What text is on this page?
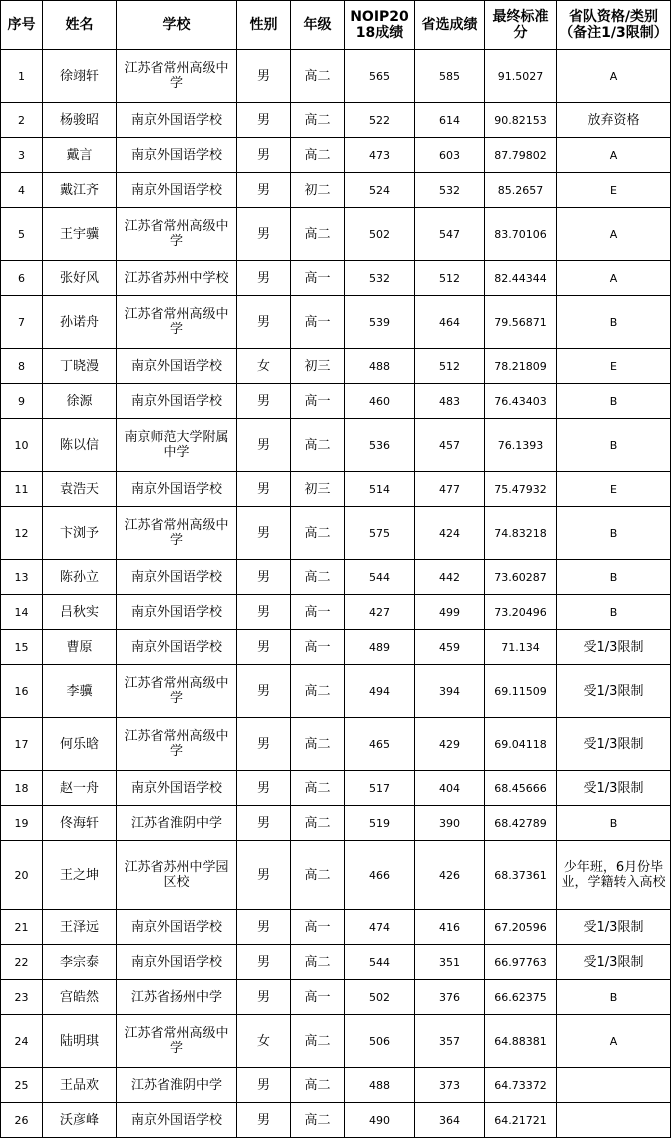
序号	姓名	学校	性别	年级	NOIP2018成绩	省选成绩	最终标准分	省队资格/类别（备注1/3限制）
1	徐翊轩	江苏省常州高级中学	男	高二	565	585	91.5027	A
2	杨骏昭	南京外国语学校	男	高二	522	614	90.82153	放弃资格
3	戴言	南京外国语学校	男	高二	473	603	87.79802	A
4	戴江齐	南京外国语学校	男	初二	524	532	85.2657	E
5	王宇骥	江苏省常州高级中学	男	高二	502	547	83.70106	A
6	张好风	江苏省苏州中学校	男	高一	532	512	82.44344	A
7	孙诺舟	江苏省常州高级中学	男	高一	539	464	79.56871	B
8	丁晓漫	南京外国语学校	女	初三	488	512	78.21809	E
9	徐源	南京外国语学校	男	高一	460	483	76.43403	B
10	陈以信	南京师范大学附属中学	男	高二	536	457	76.1393	B
11	袁浩天	南京外国语学校	男	初三	514	477	75.47932	E
12	卞浏予	江苏省常州高级中学	男	高二	575	424	74.83218	B
13	陈孙立	南京外国语学校	男	高二	544	442	73.60287	B
14	吕秋实	南京外国语学校	男	高一	427	499	73.20496	B
15	曹原	南京外国语学校	男	高一	489	459	71.134	受1/3限制
16	李骥	江苏省常州高级中学	男	高二	494	394	69.11509	受1/3限制
17	何乐晗	江苏省常州高级中学	男	高二	465	429	69.04118	受1/3限制
18	赵一舟	南京外国语学校	男	高二	517	404	68.45666	受1/3限制
19	佟海轩	江苏省淮阴中学	男	高二	519	390	68.42789	B
20	王之坤	江苏省苏州中学园区校	男	高二	466	426	68.37361	少年班，6月份毕业，学籍转入高校
21	王泽远	南京外国语学校	男	高一	474	416	67.20596	受1/3限制
22	李宗泰	南京外国语学校	男	高二	544	351	66.97763	受1/3限制
23	宫皓然	江苏省扬州中学	男	高一	502	376	66.62375	B
24	陆明琪	江苏省常州高级中学	女	高二	506	357	64.88381	A
25	王品欢	江苏省淮阴中学	男	高二	488	373	64.73372	
26	沃彦峰	南京外国语学校	男	高二	490	364	64.21721	
